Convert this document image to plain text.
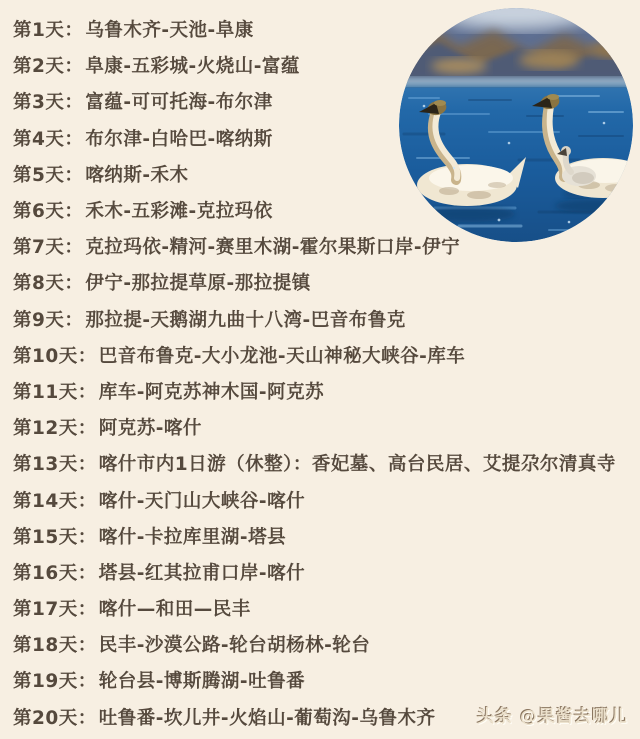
第1天： 乌鲁木齐-天池-阜康
第2天： 阜康-五彩城-火烧山-富蕴
第3天： 富蕴-可可托海-布尔津
第4天： 布尔津-白哈巴-喀纳斯
第5天： 喀纳斯-禾木
第6天： 禾木-五彩滩-克拉玛依
第7天： 克拉玛依-精河-赛里木湖-霍尔果斯口岸-伊宁
第8天： 伊宁-那拉提草原-那拉提镇
第9天： 那拉提-天鹅湖九曲十八湾-巴音布鲁克
第10天： 巴音布鲁克-大小龙池-天山神秘大峡谷-库车
第11天： 库车-阿克苏神木国-阿克苏
第12天： 阿克苏-喀什
第13天： 喀什市内1日游（休整）：香妃墓、高台民居、艾提尕尔清真寺
第14天： 喀什-天门山大峡谷-喀什
第15天： 喀什-卡拉库里湖-塔县
第16天： 塔县-红其拉甫口岸-喀什
第17天： 喀什—和田—民丰
第18天： 民丰-沙漠公路-轮台胡杨林-轮台
第19天： 轮台县-博斯腾湖-吐鲁番
第20天： 吐鲁番-坎儿井-火焰山-葡萄沟-乌鲁木齐 头条 @果酱去哪儿
